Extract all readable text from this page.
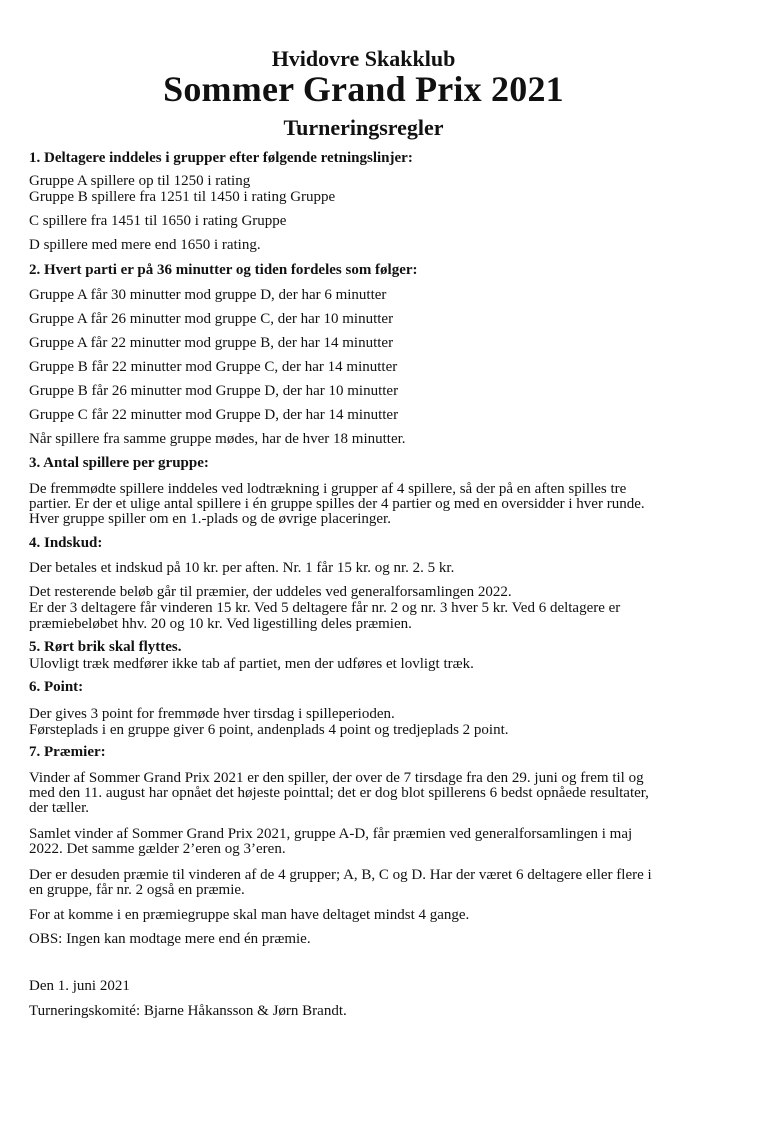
Hvidovre Skakklub
Sommer Grand Prix 2021
Turneringsregler
1. Deltagere inddeles i grupper efter følgende retningslinjer:
Gruppe A spillere op til 1250 i rating
Gruppe B spillere fra 1251 til 1450 i rating Gruppe
C spillere fra 1451 til 1650 i rating Gruppe
D spillere med mere end 1650 i rating.
2. Hvert parti er på 36 minutter og tiden fordeles som følger:
Gruppe A får 30 minutter mod gruppe D, der har 6 minutter
Gruppe A får 26 minutter mod gruppe C, der har 10 minutter
Gruppe A får 22 minutter mod gruppe B, der har 14 minutter
Gruppe B får 22 minutter mod Gruppe C, der har 14 minutter
Gruppe B får 26 minutter mod Gruppe D, der har 10 minutter
Gruppe C får 22 minutter mod Gruppe D, der har 14 minutter
Når spillere fra samme gruppe mødes, har de hver 18 minutter.
3. Antal spillere per gruppe:
De fremmødte spillere inddeles ved lodtrækning i grupper af 4 spillere, så der på en aften spilles tre
partier. Er der et ulige antal spillere i én gruppe spilles der 4 partier og med en oversidder i hver runde.
Hver gruppe spiller om en 1.-plads og de øvrige placeringer.
4. Indskud:
Der betales et indskud på 10 kr. per aften. Nr. 1 får 15 kr. og nr. 2. 5 kr.
Det resterende beløb går til præmier, der uddeles ved generalforsamlingen 2022.
Er der 3 deltagere får vinderen 15 kr. Ved 5 deltagere får nr. 2 og nr. 3 hver 5 kr. Ved 6 deltagere er
præmiebeløbet hhv. 20 og 10 kr. Ved ligestilling deles præmien.
5. Rørt brik skal flyttes.
Ulovligt træk medfører ikke tab af partiet, men der udføres et lovligt træk.
6. Point:
Der gives 3 point for fremmøde hver tirsdag i spilleperioden.
Førsteplads i en gruppe giver 6 point, andenplads 4 point og tredjeplads 2 point.
7. Præmier:
Vinder af Sommer Grand Prix 2021 er den spiller, der over de 7 tirsdage fra den 29. juni og frem til og
med den 11. august har opnået det højeste pointtal; det er dog blot spillerens 6 bedst opnåede resultater,
der tæller.
Samlet vinder af Sommer Grand Prix 2021, gruppe A-D, får præmien ved generalforsamlingen i maj
2022. Det samme gælder 2’eren og 3’eren.
Der er desuden præmie til vinderen af de 4 grupper; A, B, C og D. Har der været 6 deltagere eller flere i
en gruppe, får nr. 2 også en præmie.
For at komme i en præmiegruppe skal man have deltaget mindst 4 gange.
OBS: Ingen kan modtage mere end én præmie.
Den 1. juni 2021
Turneringskomité: Bjarne Håkansson & Jørn Brandt.
